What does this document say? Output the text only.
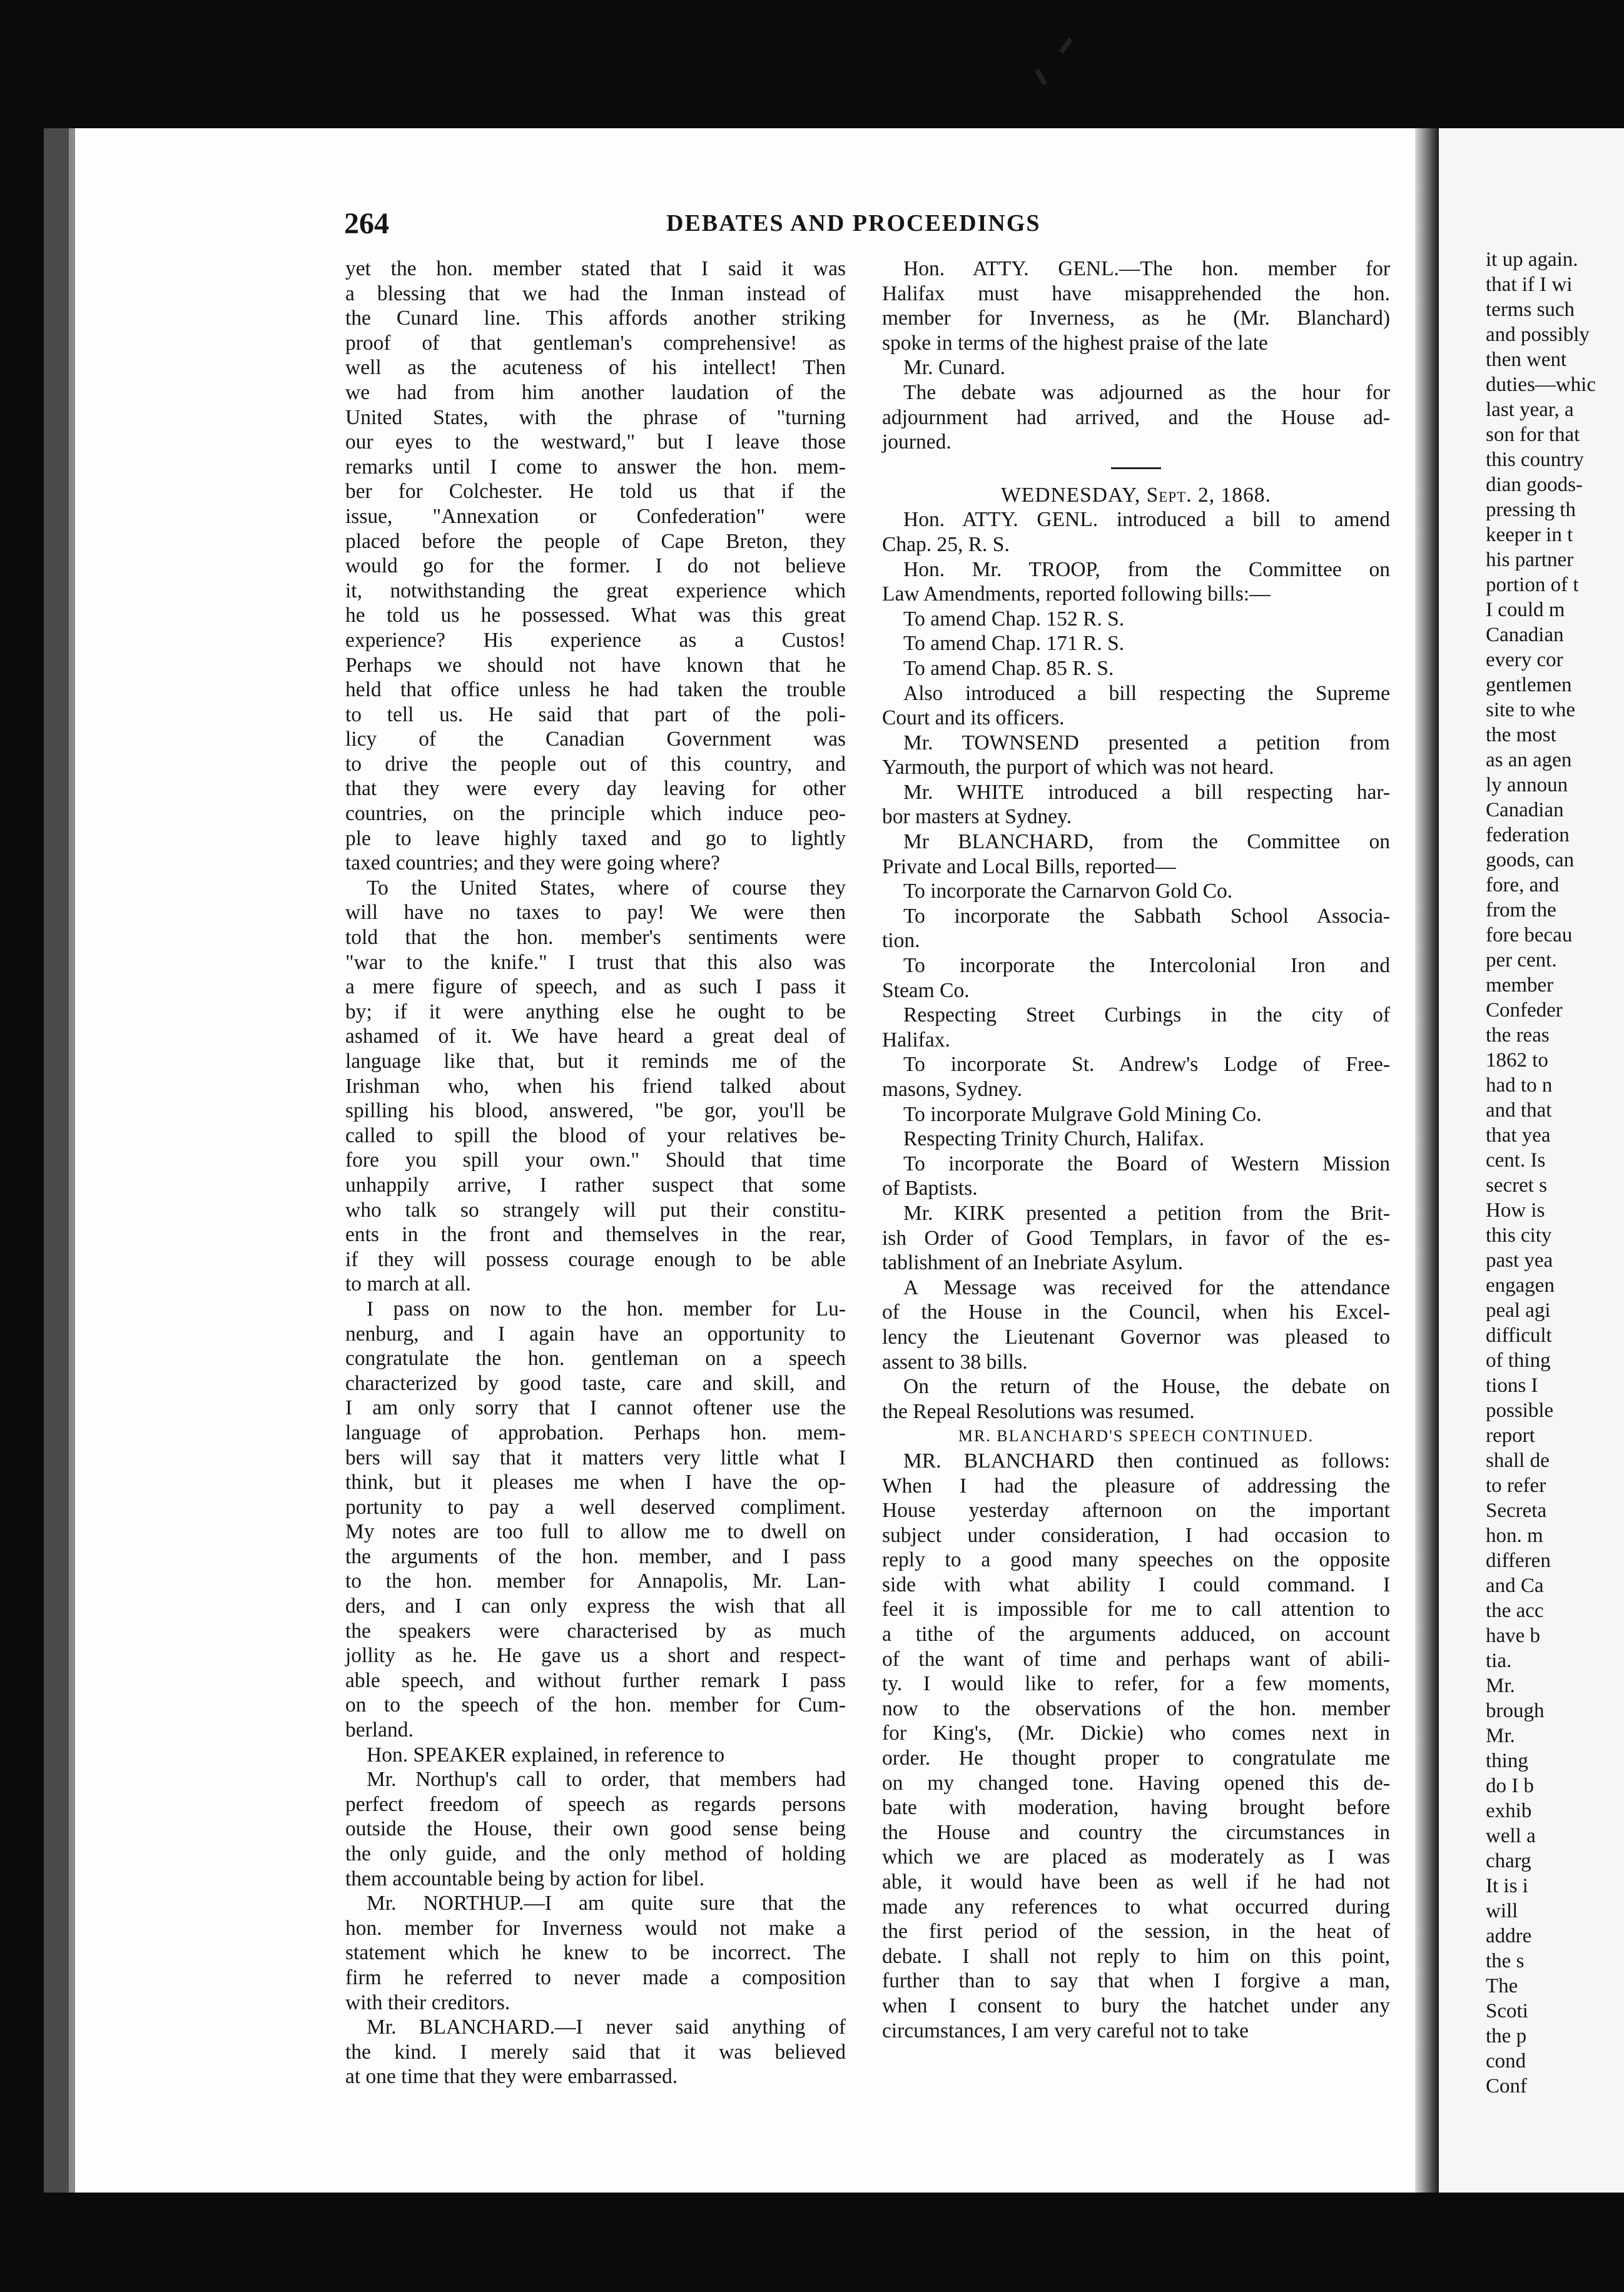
264	DEBATES AND PROCEEDINGS
yet the hon. member stated that I said it was
a blessing that we had the Inman instead of
the Cunard line. This affords another striking
proof of that gentleman's comprehensive! as
well as the acuteness of his intellect! Then
we had from him another laudation of the
United States, with the phrase of "turning
our eyes to the westward," but I leave those
remarks until I come to answer the hon. mem-
ber for Colchester. He told us that if the
issue, "Annexation or Confederation" were
placed before the people of Cape Breton, they
would go for the former. I do not believe
it, notwithstanding the great experience which
he told us he possessed. What was this great
experience? His experience as a Custos!
Perhaps we should not have known that he
held that office unless he had taken the trouble
to tell us. He said that part of the poli-
licy of the Canadian Government was
to drive the people out of this country, and
that they were every day leaving for other
countries, on the principle which induce peo-
ple to leave highly taxed and go to lightly
taxed countries; and they were going where?
To the United States, where of course they
will have no taxes to pay! We were then
told that the hon. member's sentiments were
"war to the knife." I trust that this also was
a mere figure of speech, and as such I pass it
by; if it were anything else he ought to be
ashamed of it. We have heard a great deal of
language like that, but it reminds me of the
Irishman who, when his friend talked about
spilling his blood, answered, "be gor, you'll be
called to spill the blood of your relatives be-
fore you spill your own." Should that time
unhappily arrive, I rather suspect that some
who talk so strangely will put their constitu-
ents in the front and themselves in the rear,
if they will possess courage enough to be able
to march at all.
I pass on now to the hon. member for Lu-
nenburg, and I again have an opportunity to
congratulate the hon. gentleman on a speech
characterized by good taste, care and skill, and
I am only sorry that I cannot oftener use the
language of approbation. Perhaps hon. mem-
bers will say that it matters very little what I
think, but it pleases me when I have the op-
portunity to pay a well deserved compliment.
My notes are too full to allow me to dwell on
the arguments of the hon. member, and I pass
to the hon. member for Annapolis, Mr. Lan-
ders, and I can only express the wish that all
the speakers were characterised by as much
jollity as he. He gave us a short and respect-
able speech, and without further remark I pass
on to the speech of the hon. member for Cum-
berland.
Hon. SPEAKER explained, in reference to
Mr. Northup's call to order, that members had
perfect freedom of speech as regards persons
outside the House, their own good sense being
the only guide, and the only method of holding
them accountable being by action for libel.
Mr. NORTHUP.—I am quite sure that the
hon. member for Inverness would not make a
statement which he knew to be incorrect. The
firm he referred to never made a composition
with their creditors.
Mr. BLANCHARD.—I never said anything of
the kind. I merely said that it was believed
at one time that they were embarrassed.
Hon. ATTY. GENL.—The hon. member for
Halifax must have misapprehended the hon.
member for Inverness, as he (Mr. Blanchard)
spoke in terms of the highest praise of the late
Mr. Cunard.
The debate was adjourned as the hour for
adjournment had arrived, and the House ad-
journed.

WEDNESDAY, Sept. 2, 1868.

Hon. ATTY. GENL. introduced a bill to amend
Chap. 25, R. S.
Hon. Mr. TROOP, from the Committee on
Law Amendments, reported following bills:—
To amend Chap. 152 R. S.
To amend Chap. 171 R. S.
To amend Chap. 85 R. S.
Also introduced a bill respecting the Supreme
Court and its officers.
Mr. TOWNSEND presented a petition from
Yarmouth, the purport of which was not heard.
Mr. WHITE introduced a bill respecting har-
bor masters at Sydney.
Mr BLANCHARD, from the Committee on
Private and Local Bills, reported—
To incorporate the Carnarvon Gold Co.
To incorporate the Sabbath School Associa-
tion.
To incorporate the Intercolonial Iron and
Steam Co.
Respecting Street Curbings in the city of
Halifax.
To incorporate St. Andrew's Lodge of Free-
masons, Sydney.
To incorporate Mulgrave Gold Mining Co.
Respecting Trinity Church, Halifax.
To incorporate the Board of Western Mission
of Baptists.
Mr. KIRK presented a petition from the Brit-
ish Order of Good Templars, in favor of the es-
tablishment of an Inebriate Asylum.
A Message was received for the attendance
of the House in the Council, when his Excel-
lency the Lieutenant Governor was pleased to
assent to 38 bills.
On the return of the House, the debate on
the Repeal Resolutions was resumed.

MR. BLANCHARD'S SPEECH CONTINUED.

MR. BLANCHARD then continued as follows:
When I had the pleasure of addressing the
House yesterday afternoon on the important
subject under consideration, I had occasion to
reply to a good many speeches on the opposite
side with what ability I could command. I
feel it is impossible for me to call attention to
a tithe of the arguments adduced, on account
of the want of time and perhaps want of abili-
ty. I would like to refer, for a few moments,
now to the observations of the hon. member
for King's, (Mr. Dickie) who comes next in
order. He thought proper to congratulate me
on my changed tone. Having opened this de-
bate with moderation, having brought before
the House and country the circumstances in
which we are placed as moderately as I was
able, it would have been as well if he had not
made any references to what occurred during
the first period of the session, in the heat of
debate. I shall not reply to him on this point,
further than to say that when I forgive a man,
when I consent to bury the hatchet under any
circumstances, I am very careful not to take
it up again.
that if I wi
terms such
and possibly
then went
duties—whic
last year, a
son for that
this country
dian goods-
pressing th
keeper in t
his partner
portion of t
I could m
Canadian
every cor
gentlemen
site to whe
the most
as an agen
ly announ
Canadian
federation
goods, can
fore, and
from the
fore becau
per cent.
member
Confeder
the reas
1862 to
had to n
and that
that yea
cent. Is
secret s
How is
this city
past yea
engagen
peal agi
difficult
of thing
tions I
possible
report
shall de
to refer
Secreta
hon. m
differen
and Ca
the acc
have b
tia.
Mr.
brough
Mr.
thing
do I b
exhib
well a
charg
It is i
will
addre
the s
The
Scoti
the p
cond
Conf
